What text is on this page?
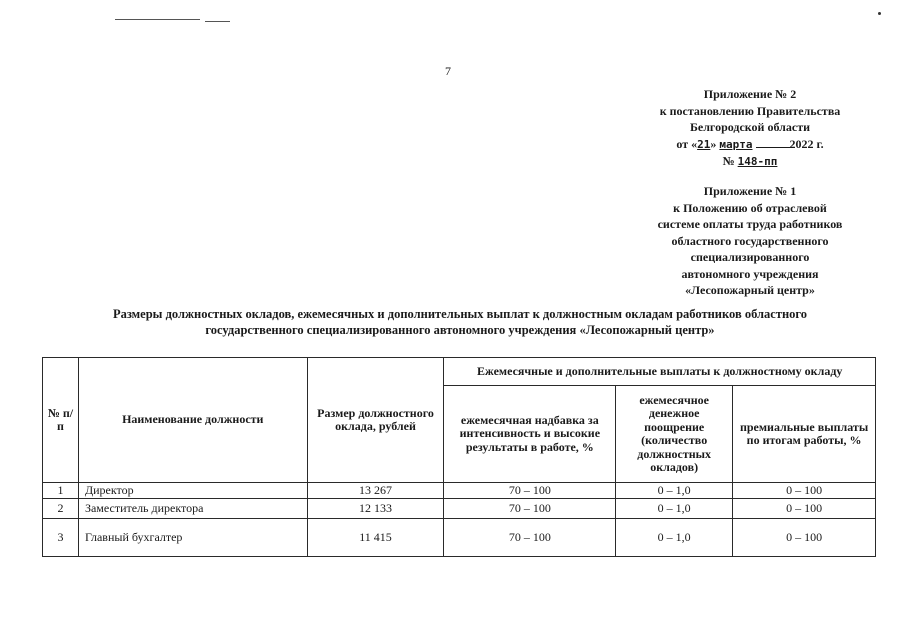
7
Приложение № 2
к постановлению Правительства
Белгородской области
от «21» марта	2022 г.
№ 148-пп
Приложение № 1
к Положению об отраслевой
системе оплаты труда работников
областного государственного
специализированного
автономного учреждения
«Лесопожарный центр»
Размеры должностных окладов, ежемесячных и дополнительных выплат к должностным окладам работников областного
государственного специализированного автономного учреждения «Лесопожарный центр»
№ п/п	Наименование должности	Размер должностного оклада, рублей	Ежемесячные и дополнительные выплаты к должностному окладу		
			ежемесячная надбавка за интенсивность и высокие результаты в работе, %	ежемесячное денежное поощрение (количество должностных окладов)	премиальные выплаты по итогам работы, %
1	Директор	13 267	70 – 100	0 – 1,0	0 – 100
2	Заместитель директора	12 133	70 – 100	0 – 1,0	0 – 100
3	Главный бухгалтер	11 415	70 – 100	0 – 1,0	0 – 100
